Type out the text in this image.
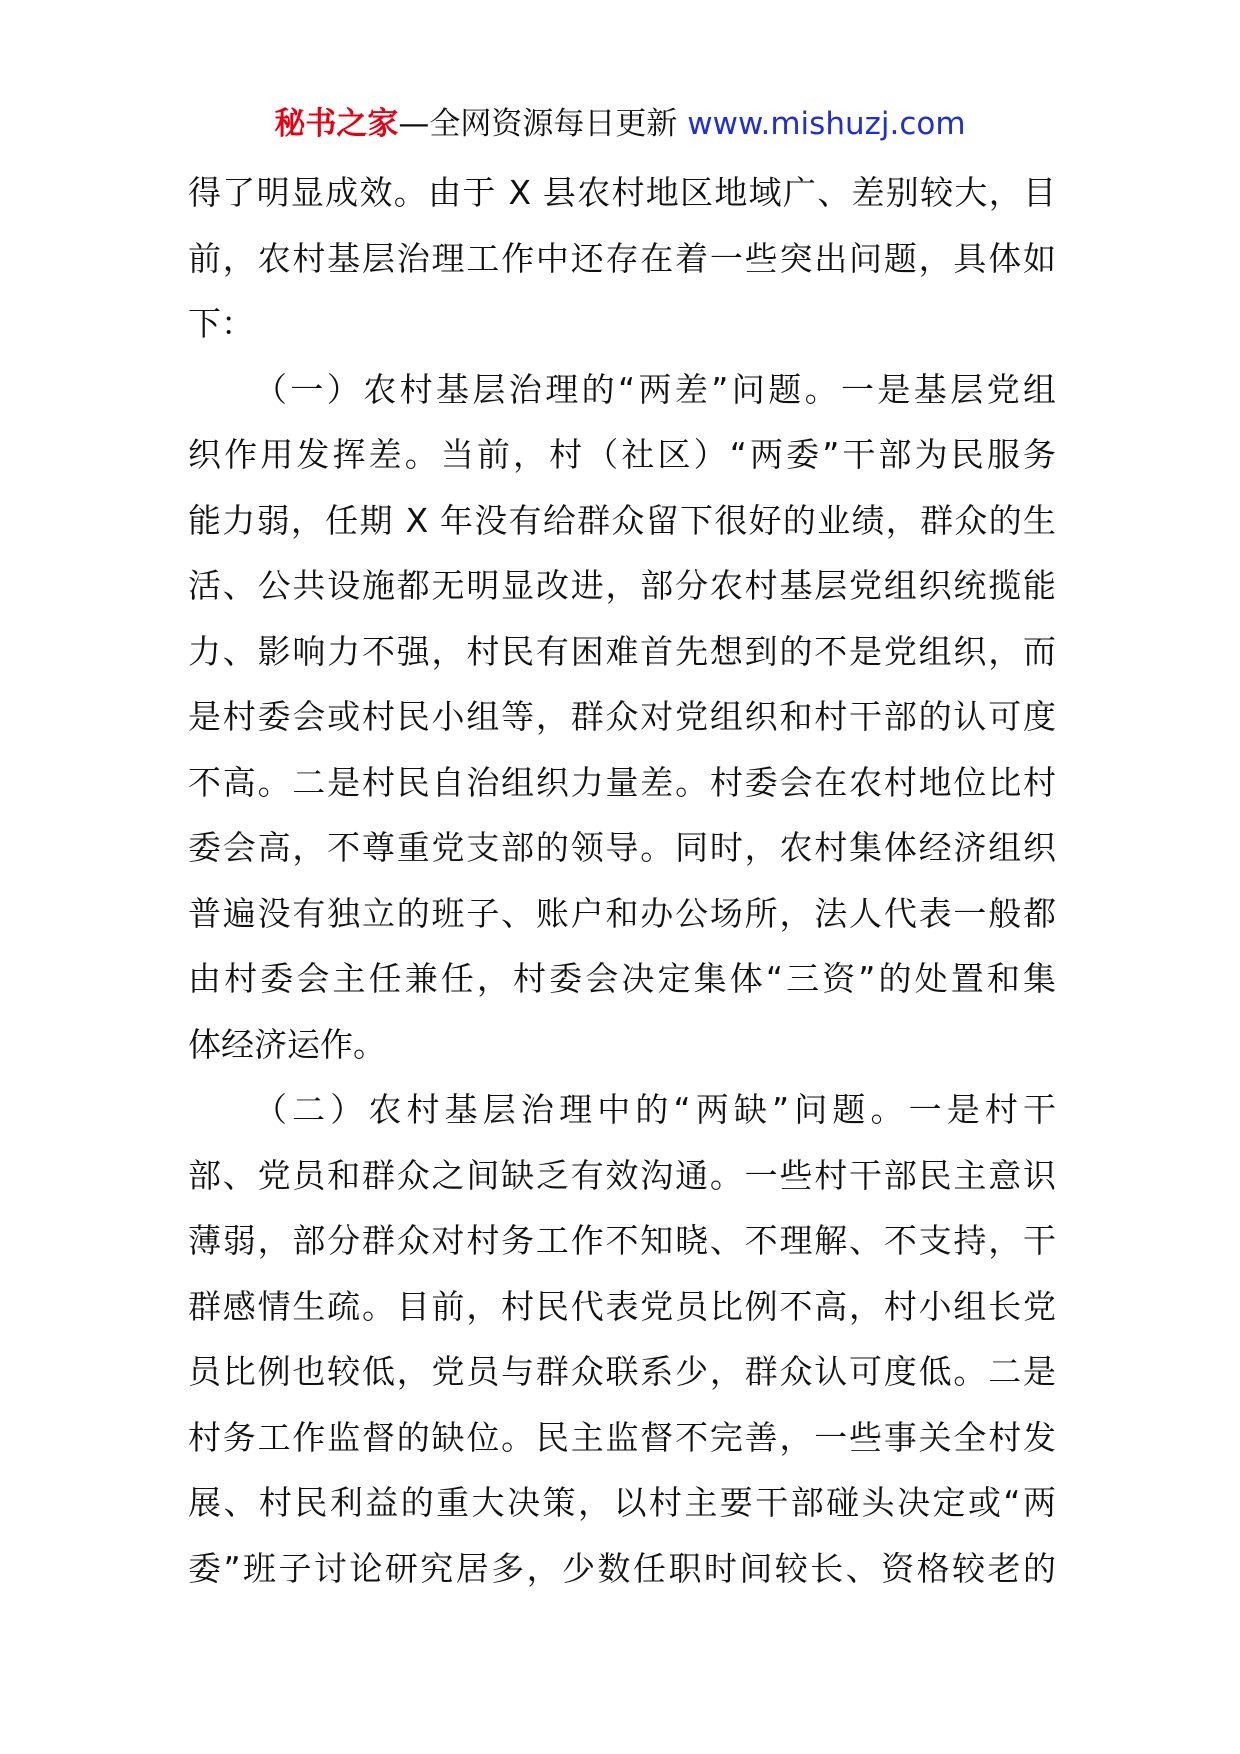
秘书之家—全网资源每日更新 www.mishuzj.com
得了明显成效。由于 X 县农村地区地域广、差别较大，目
前，农村基层治理工作中还存在着一些突出问题，具体如
下：
（一）农村基层治理的“两差”问题。一是基层党组
织作用发挥差。当前，村（社区）“两委”干部为民服务
能力弱，任期 X 年没有给群众留下很好的业绩，群众的生
活、公共设施都无明显改进，部分农村基层党组织统揽能
力、影响力不强，村民有困难首先想到的不是党组织，而
是村委会或村民小组等，群众对党组织和村干部的认可度
不高。二是村民自治组织力量差。村委会在农村地位比村
委会高，不尊重党支部的领导。同时，农村集体经济组织
普遍没有独立的班子、账户和办公场所，法人代表一般都
由村委会主任兼任，村委会决定集体“三资”的处置和集
体经济运作。
（二）农村基层治理中的“两缺”问题。一是村干
部、党员和群众之间缺乏有效沟通。一些村干部民主意识
薄弱，部分群众对村务工作不知晓、不理解、不支持，干
群感情生疏。目前，村民代表党员比例不高，村小组长党
员比例也较低，党员与群众联系少，群众认可度低。二是
村务工作监督的缺位。民主监督不完善，一些事关全村发
展、村民利益的重大决策，以村主要干部碰头决定或“两
委”班子讨论研究居多，少数任职时间较长、资格较老的
